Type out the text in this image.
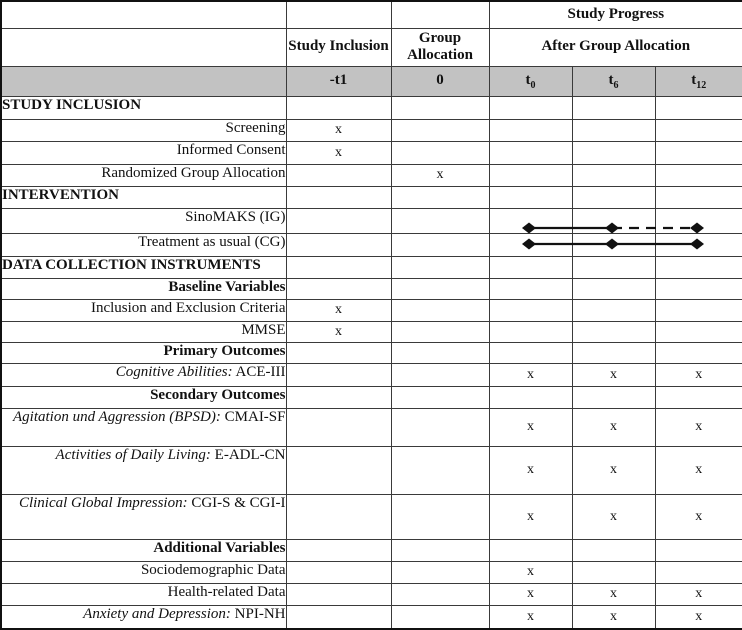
			Study Progress		
	Study Inclusion	Group Allocation	After Group Allocation		
	-t1	0	$t_0$	$t_6$	$t_{12}$
STUDY INCLUSION					
Screening	x				
Informed Consent	x				
Randomized Group Allocation		x			
INTERVENTION					
SinoMAKS (IG)					
Treatment as usual (CG)					
DATA COLLECTION INSTRUMENTS					
Baseline Variables					
Inclusion and Exclusion Criteria	x				
MMSE	x				
Primary Outcomes					
Cognitive Abilities: ACE-III			x	x	x
Secondary Outcomes					
Agitation und Aggression (BPSD): CMAI-SF			x	x	x
Activities of Daily Living: E-ADL-CN			x	x	x
Clinical Global Impression: CGI-S & CGI-I			x	x	x
Additional Variables					
Sociodemographic Data			x		
Health-related Data			x	x	x
Anxiety and Depression: NPI-NH			x	x	x
